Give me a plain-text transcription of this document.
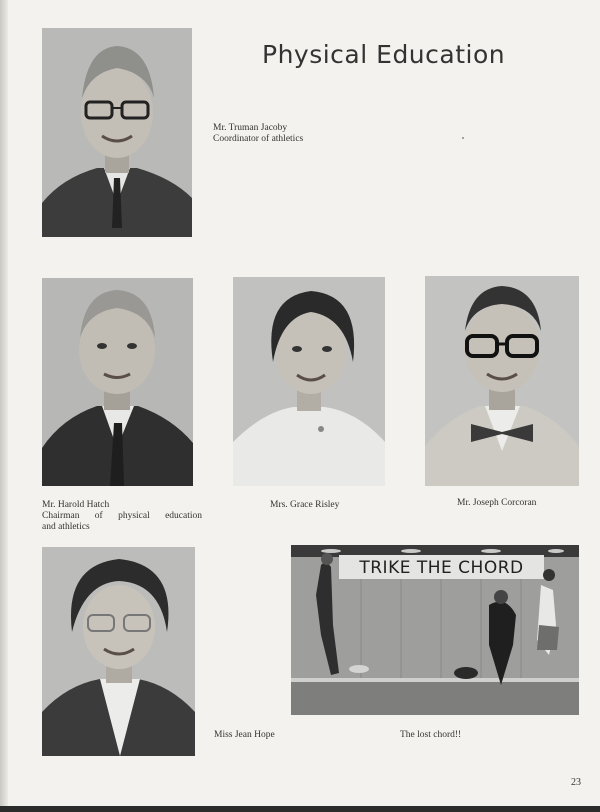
Physical Education
Mr. Truman Jacoby
Coordinator of athletics
Mr. Harold Hatch
Chairman of physical education
and athletics
Mrs. Grace Risley	Mr. Joseph Corcoran
Miss Jean Hope
TRIKE THE CHORD
The lost chord!!
23
